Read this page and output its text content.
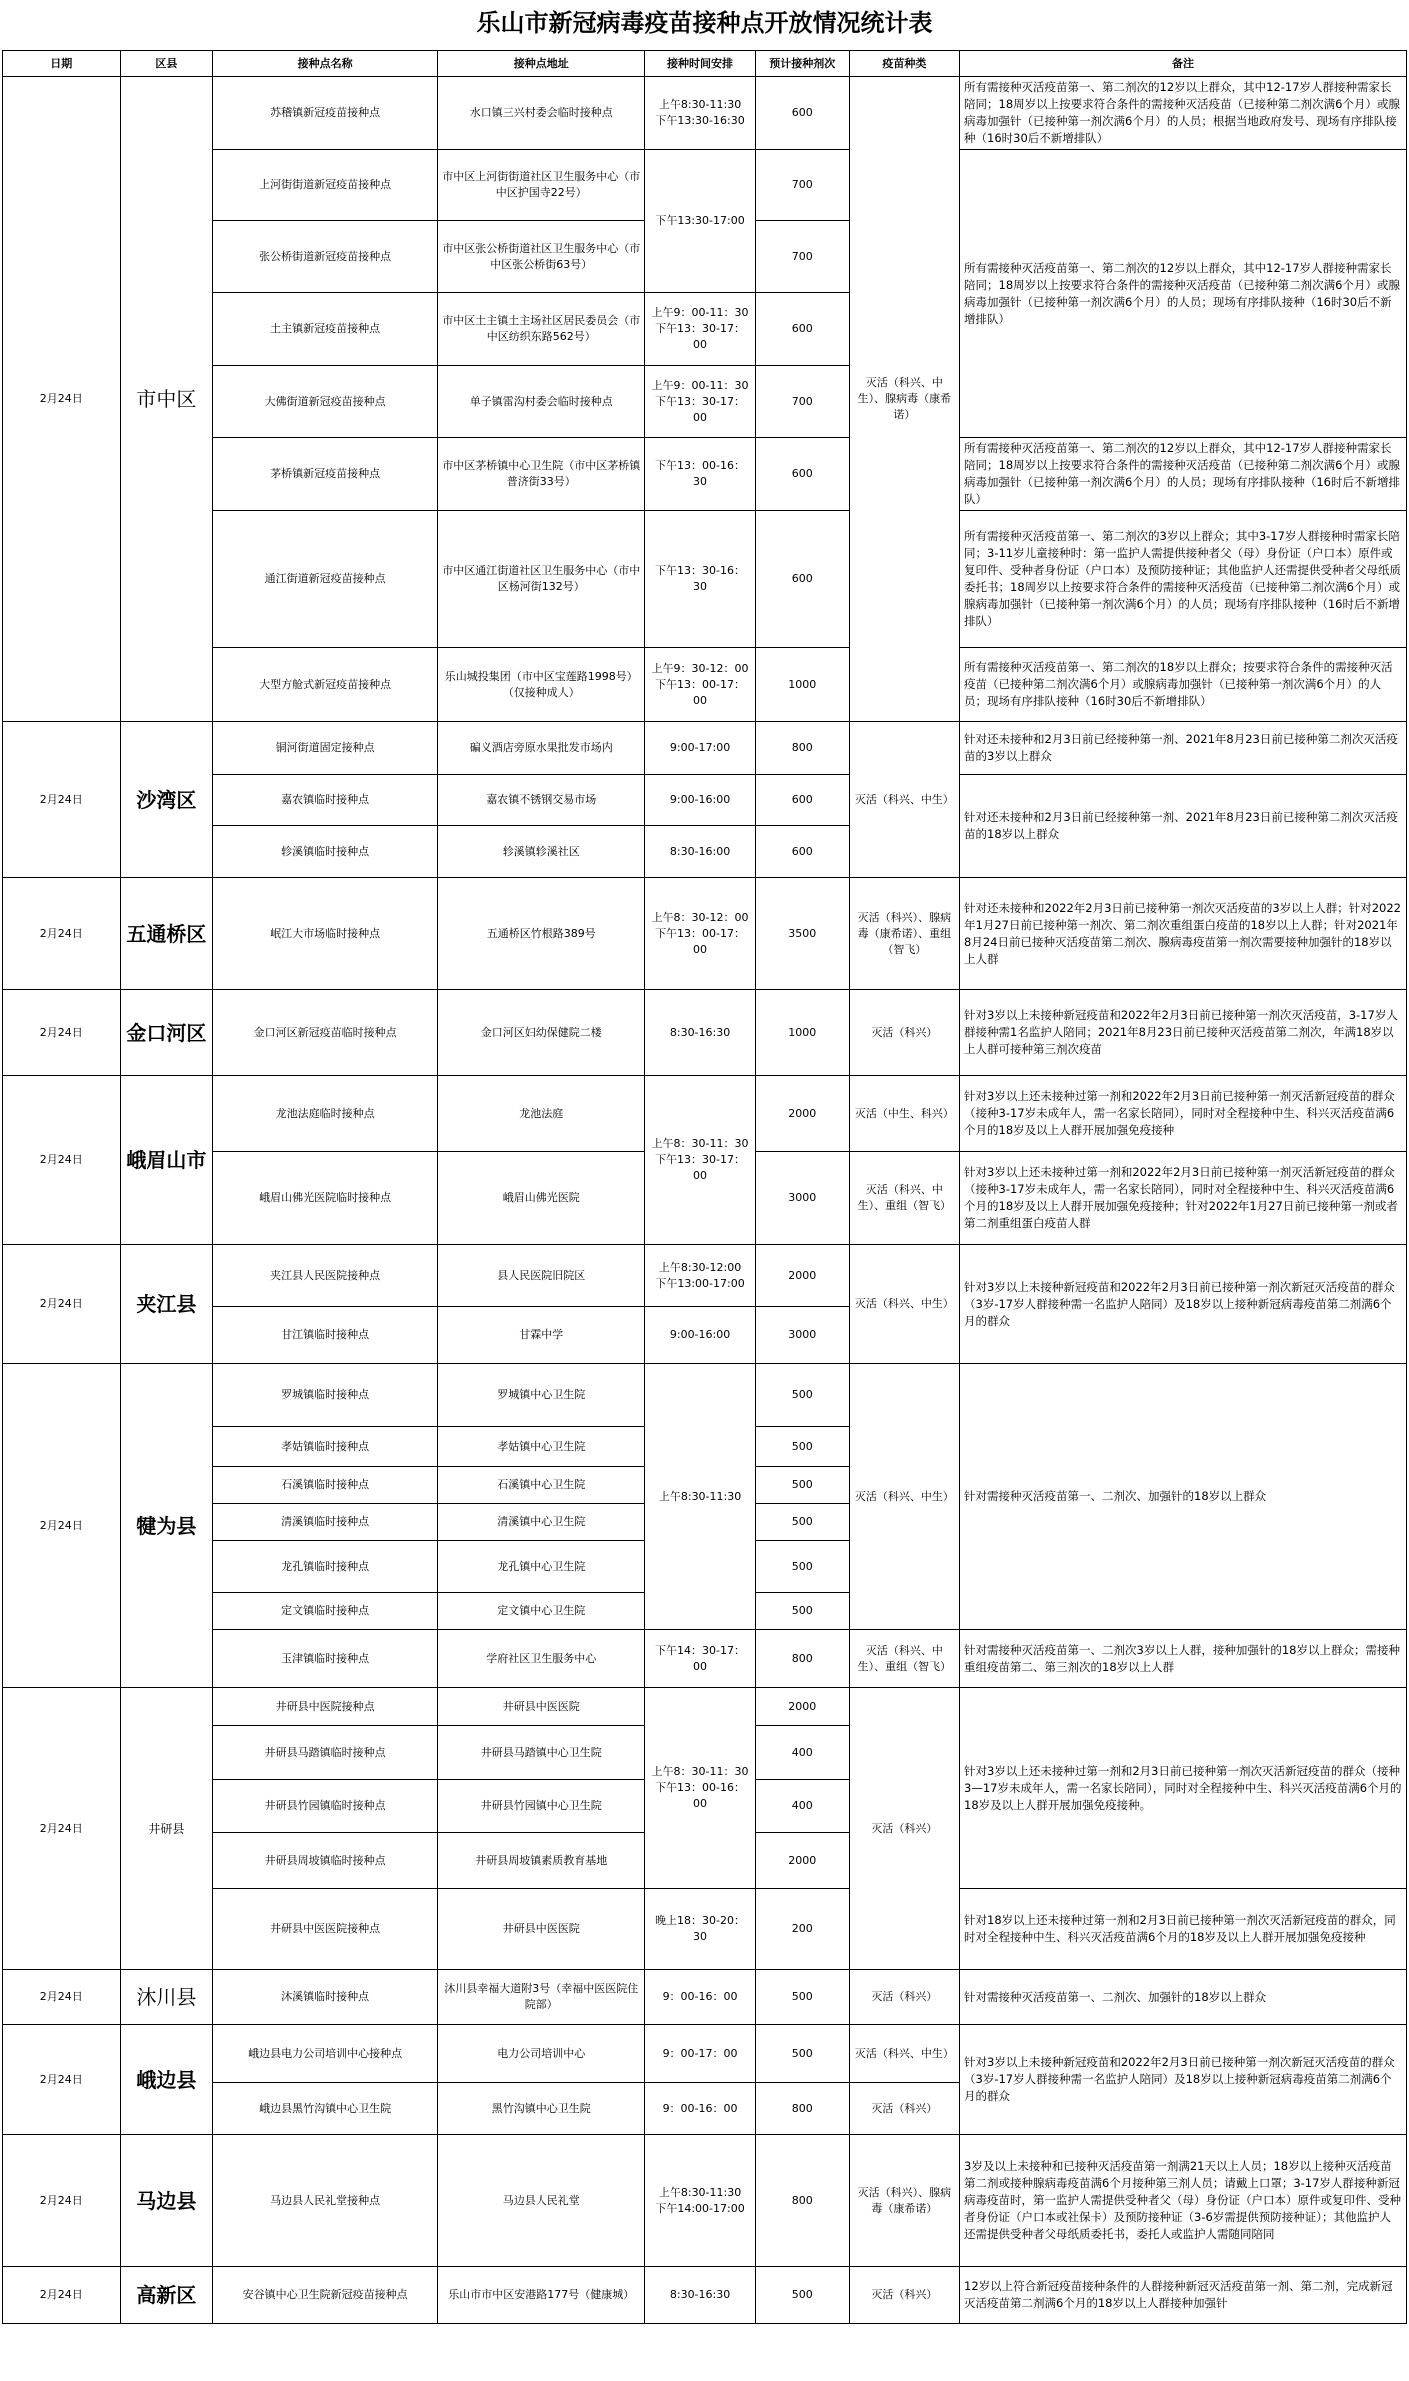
乐山市新冠病毒疫苗接种点开放情况统计表
日期	区县	接种点名称	接种点地址	接种时间安排	预计接种剂次	疫苗种类	备注
2月24日	市中区	苏稽镇新冠疫苗接种点	水口镇三兴村委会临时接种点	上午8:30-11:30
下午13:30-16:30	600	灭活（科兴、中生）、腺病毒（康希诺）	所有需接种灭活疫苗第一、第二剂次的12岁以上群众，其中12-17岁人群接种需家长陪同；18周岁以上按要求符合条件的需接种灭活疫苗（已接种第二剂次满6个月）或腺病毒加强针（已接种第一剂次满6个月）的人员；根据当地政府发号、现场有序排队接种（16时30后不新增排队）
上河街街道新冠疫苗接种点	市中区上河街街道社区卫生服务中心（市中区护国寺22号）	下午13:30-17:00	700	所有需接种灭活疫苗第一、第二剂次的12岁以上群众，其中12-17岁人群接种需家长陪同；18周岁以上按要求符合条件的需接种灭活疫苗（已接种第二剂次满6个月）或腺病毒加强针（已接种第一剂次满6个月）的人员；现场有序排队接种（16时30后不新增排队）
张公桥街道新冠疫苗接种点	市中区张公桥街道社区卫生服务中心（市中区张公桥街63号）	700
土主镇新冠疫苗接种点	市中区土主镇土主场社区居民委员会（市中区纺织东路562号）	上午9：00-11：30
下午13：30-17：00	600
大佛街道新冠疫苗接种点	单子镇雷沟村委会临时接种点	上午9：00-11：30
下午13：30-17：00	700
茅桥镇新冠疫苗接种点	市中区茅桥镇中心卫生院（市中区茅桥镇普济街33号）	下午13：00-16：30	600	所有需接种灭活疫苗第一、第二剂次的12岁以上群众，其中12-17岁人群接种需家长陪同；18周岁以上按要求符合条件的需接种灭活疫苗（已接种第二剂次满6个月）或腺病毒加强针（已接种第一剂次满6个月）的人员；现场有序排队接种（16时后不新增排队）
通江街道新冠疫苗接种点	市中区通江街道社区卫生服务中心（市中区杨河街132号）	下午13：30-16：30	600	所有需接种灭活疫苗第一、第二剂次的3岁以上群众；其中3-17岁人群接种时需家长陪同；3-11岁儿童接种时：第一监护人需提供接种者父（母）身份证（户口本）原件或复印件、受种者身份证（户口本）及预防接种证；其他监护人还需提供受种者父母纸质委托书；18周岁以上按要求符合条件的需接种灭活疫苗（已接种第二剂次满6个月）或腺病毒加强针（已接种第一剂次满6个月）的人员；现场有序排队接种（16时后不新增排队）
大型方舱式新冠疫苗接种点	乐山城投集团（市中区宝莲路1998号）（仅接种成人）	上午9：30-12：00
下午13：00-17：00	1000	所有需接种灭活疫苗第一、第二剂次的18岁以上群众；按要求符合条件的需接种灭活疫苗（已接种第二剂次满6个月）或腺病毒加强针（已接种第一剂次满6个月）的人员；现场有序排队接种（16时30后不新增排队）
2月24日	沙湾区	铜河街道固定接种点	碥义酒店旁原水果批发市场内	9:00-17:00	800	灭活（科兴、中生）	针对还未接种和2月3日前已经接种第一剂、2021年8月23日前已接种第二剂次灭活疫苗的3岁以上群众
嘉农镇临时接种点	嘉农镇不锈钢交易市场	9:00-16:00	600	针对还未接种和2月3日前已经接种第一剂、2021年8月23日前已接种第二剂次灭活疫苗的18岁以上群众
轸溪镇临时接种点	轸溪镇轸溪社区	8:30-16:00	600
2月24日	五通桥区	岷江大市场临时接种点	五通桥区竹根路389号	上午8：30-12：00
下午13：00-17：00	3500	灭活（科兴）、腺病毒（康希诺）、重组（智飞）	针对还未接种和2022年2月3日前已接种第一剂次灭活疫苗的3岁以上人群；针对2022年1月27日前已接种第一剂次、第二剂次重组蛋白疫苗的18岁以上人群；针对2021年8月24日前已接种灭活疫苗第二剂次、腺病毒疫苗第一剂次需要接种加强针的18岁以上人群
2月24日	金口河区	金口河区新冠疫苗临时接种点	金口河区妇幼保健院二楼	8:30-16:30	1000	灭活（科兴）	针对3岁以上未接种新冠疫苗和2022年2月3日前已接种第一剂次灭活疫苗，3-17岁人群接种需1名监护人陪同；2021年8月23日前已接种灭活疫苗第二剂次，年满18岁以上人群可接种第三剂次疫苗
2月24日	峨眉山市	龙池法庭临时接种点	龙池法庭	上午8：30-11：30
下午13：30-17：00	2000	灭活（中生、科兴）	针对3岁以上还未接种过第一剂和2022年2月3日前已接种第一剂灭活新冠疫苗的群众（接种3-17岁未成年人，需一名家长陪同），同时对全程接种中生、科兴灭活疫苗满6个月的18岁及以上人群开展加强免疫接种
峨眉山佛光医院临时接种点	峨眉山佛光医院	3000	灭活（科兴、中生）、重组（智飞）	针对3岁以上还未接种过第一剂和2022年2月3日前已接种第一剂灭活新冠疫苗的群众（接种3-17岁未成年人，需一名家长陪同），同时对全程接种中生、科兴灭活疫苗满6个月的18岁及以上人群开展加强免疫接种；针对2022年1月27日前已接种第一剂或者第二剂重组蛋白疫苗人群
2月24日	夹江县	夹江县人民医院接种点	县人民医院旧院区	上午8:30-12:00
下午13:00-17:00	2000	灭活（科兴、中生）	针对3岁以上未接种新冠疫苗和2022年2月3日前已接种第一剂次新冠灭活疫苗的群众（3岁-17岁人群接种需一名监护人陪同）及18岁以上接种新冠病毒疫苗第二剂满6个月的群众
甘江镇临时接种点	甘霖中学	9:00-16:00	3000
2月24日	犍为县	罗城镇临时接种点	罗城镇中心卫生院	上午8:30-11:30	500	灭活（科兴、中生）	针对需接种灭活疫苗第一、二剂次、加强针的18岁以上群众
孝姑镇临时接种点	孝姑镇中心卫生院	500
石溪镇临时接种点	石溪镇中心卫生院	500
清溪镇临时接种点	清溪镇中心卫生院	500
龙孔镇临时接种点	龙孔镇中心卫生院	500
定文镇临时接种点	定文镇中心卫生院	500
玉津镇临时接种点	学府社区卫生服务中心	下午14：30-17：00	800	灭活（科兴、中生）、重组（智飞）	针对需接种灭活疫苗第一、二剂次3岁以上人群，接种加强针的18岁以上群众；需接种重组疫苗第二、第三剂次的18岁以上人群
2月24日	井研县	井研县中医院接种点	井研县中医医院	上午8：30-11：30
下午13：00-16：00	2000	灭活（科兴）	针对3岁以上还未接种过第一剂和2月3日前已接种第一剂次灭活新冠疫苗的群众（接种3—17岁未成年人，需一名家长陪同），同时对全程接种中生、科兴灭活疫苗满6个月的18岁及以上人群开展加强免疫接种。
井研县马踏镇临时接种点	井研县马踏镇中心卫生院	400
井研县竹园镇临时接种点	井研县竹园镇中心卫生院	400
井研县周坡镇临时接种点	井研县周坡镇素质教育基地	2000
井研县中医医院接种点	井研县中医医院	晚上18：30-20：30	200	针对18岁以上还未接种过第一剂和2月3日前已接种第一剂次灭活新冠疫苗的群众，同时对全程接种中生、科兴灭活疫苗满6个月的18岁及以上人群开展加强免疫接种
2月24日	沐川县	沐溪镇临时接种点	沐川县幸福大道附3号（幸福中医医院住院部）	9：00-16：00	500	灭活（科兴）	针对需接种灭活疫苗第一、二剂次、加强针的18岁以上群众
2月24日	峨边县	峨边县电力公司培训中心接种点	电力公司培训中心	9：00-17：00	500	灭活（科兴、中生）	针对3岁以上未接种新冠疫苗和2022年2月3日前已接种第一剂次新冠灭活疫苗的群众（3岁-17岁人群接种需一名监护人陪同）及18岁以上接种新冠病毒疫苗第二剂满6个月的群众
峨边县黑竹沟镇中心卫生院	黑竹沟镇中心卫生院	9：00-16：00	800	灭活（科兴）
2月24日	马边县	马边县人民礼堂接种点	马边县人民礼堂	上午8:30-11:30
下午14:00-17:00	800	灭活（科兴）、腺病毒（康希诺）	3岁及以上未接种和已接种灭活疫苗第一剂满21天以上人员；18岁以上接种灭活疫苗第二剂或接种腺病毒疫苗满6个月接种第三剂人员；请戴上口罩；3-17岁人群接种新冠病毒疫苗时，第一监护人需提供受种者父（母）身份证（户口本）原件或复印件、受种者身份证（户口本或社保卡）及预防接种证（3-6岁需提供预防接种证）；其他监护人还需提供受种者父母纸质委托书，委托人或监护人需随同陪同
2月24日	高新区	安谷镇中心卫生院新冠疫苗接种点	乐山市市中区安港路177号（健康城）	8:30-16:30	500	灭活（科兴）	12岁以上符合新冠疫苗接种条件的人群接种新冠灭活疫苗第一剂、第二剂，完成新冠灭活疫苗第二剂满6个月的18岁以上人群接种加强针
